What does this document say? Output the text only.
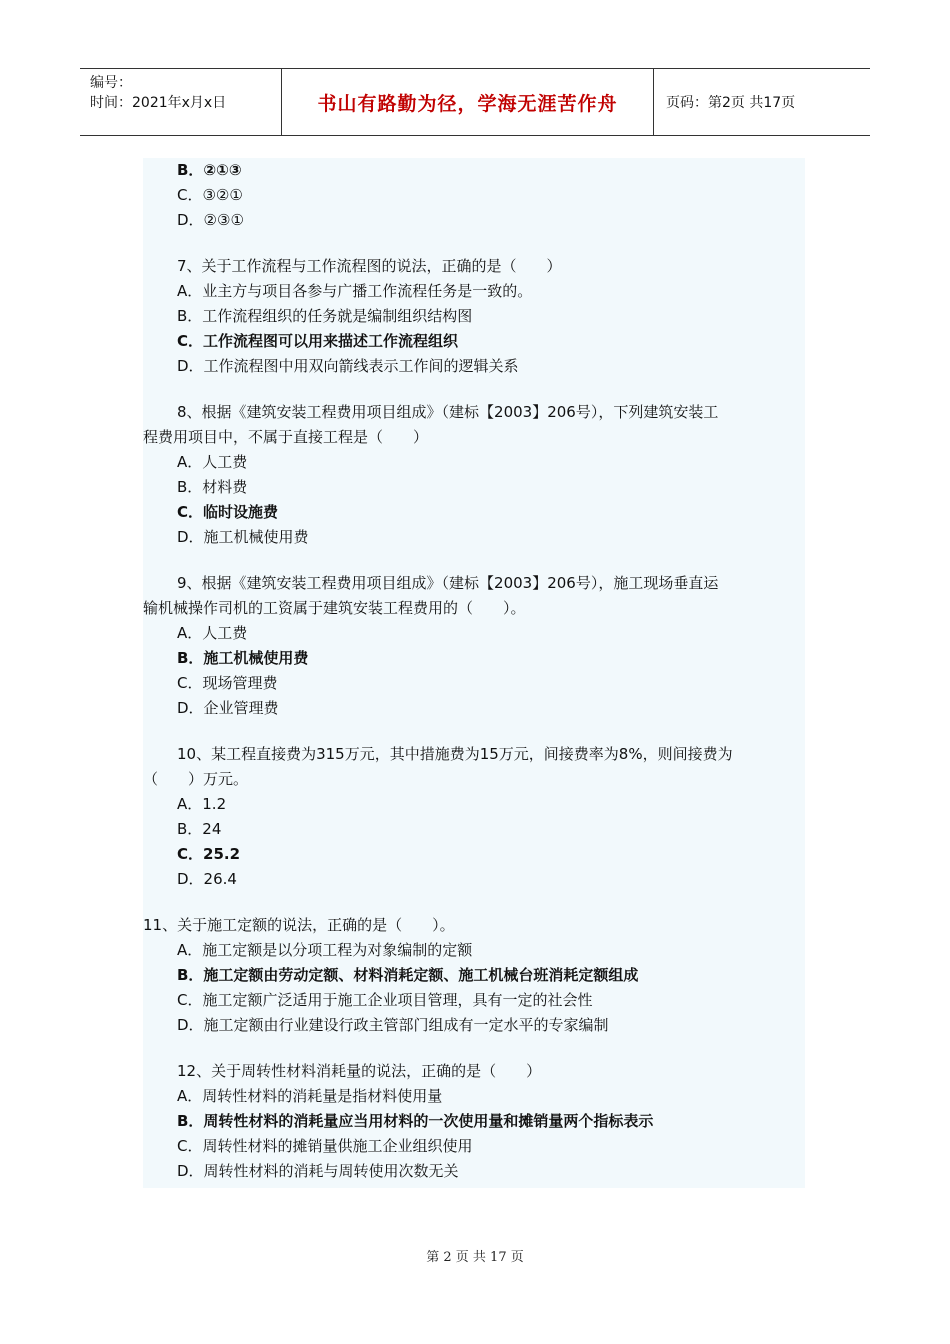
编号：
时间：2021年x月x日	书山有路勤为径，学海无涯苦作舟	页码：第2页 共17页
B．②①③
C．③②①
D．②③①
7、关于工作流程与工作流程图的说法，正确的是（　　）
A．业主方与项目各参与广播工作流程任务是一致的。
B．工作流程组织的任务就是编制组织结构图
C．工作流程图可以用来描述工作流程组织
D．工作流程图中用双向箭线表示工作间的逻辑关系
8、根据《建筑安装工程费用项目组成》（建标【2003】206号），下列建筑安装工
程费用项目中，不属于直接工程是（　　）
A．人工费
B．材料费
C．临时设施费
D．施工机械使用费
9、根据《建筑安装工程费用项目组成》（建标【2003】206号），施工现场垂直运
输机械操作司机的工资属于建筑安装工程费用的（　　）。
A．人工费
B．施工机械使用费
C．现场管理费
D．企业管理费
10、某工程直接费为315万元，其中措施费为15万元，间接费率为8%，则间接费为
（　　）万元。
A．1.2
B．24
C．25.2
D．26.4
11、关于施工定额的说法，正确的是（　　）。
A．施工定额是以分项工程为对象编制的定额
B．施工定额由劳动定额、材料消耗定额、施工机械台班消耗定额组成
C．施工定额广泛适用于施工企业项目管理，具有一定的社会性
D．施工定额由行业建设行政主管部门组成有一定水平的专家编制
12、关于周转性材料消耗量的说法，正确的是（　　）
A．周转性材料的消耗量是指材料使用量
B．周转性材料的消耗量应当用材料的一次使用量和摊销量两个指标表示
C．周转性材料的摊销量供施工企业组织使用
D．周转性材料的消耗与周转使用次数无关
第 2 页 共 17 页
